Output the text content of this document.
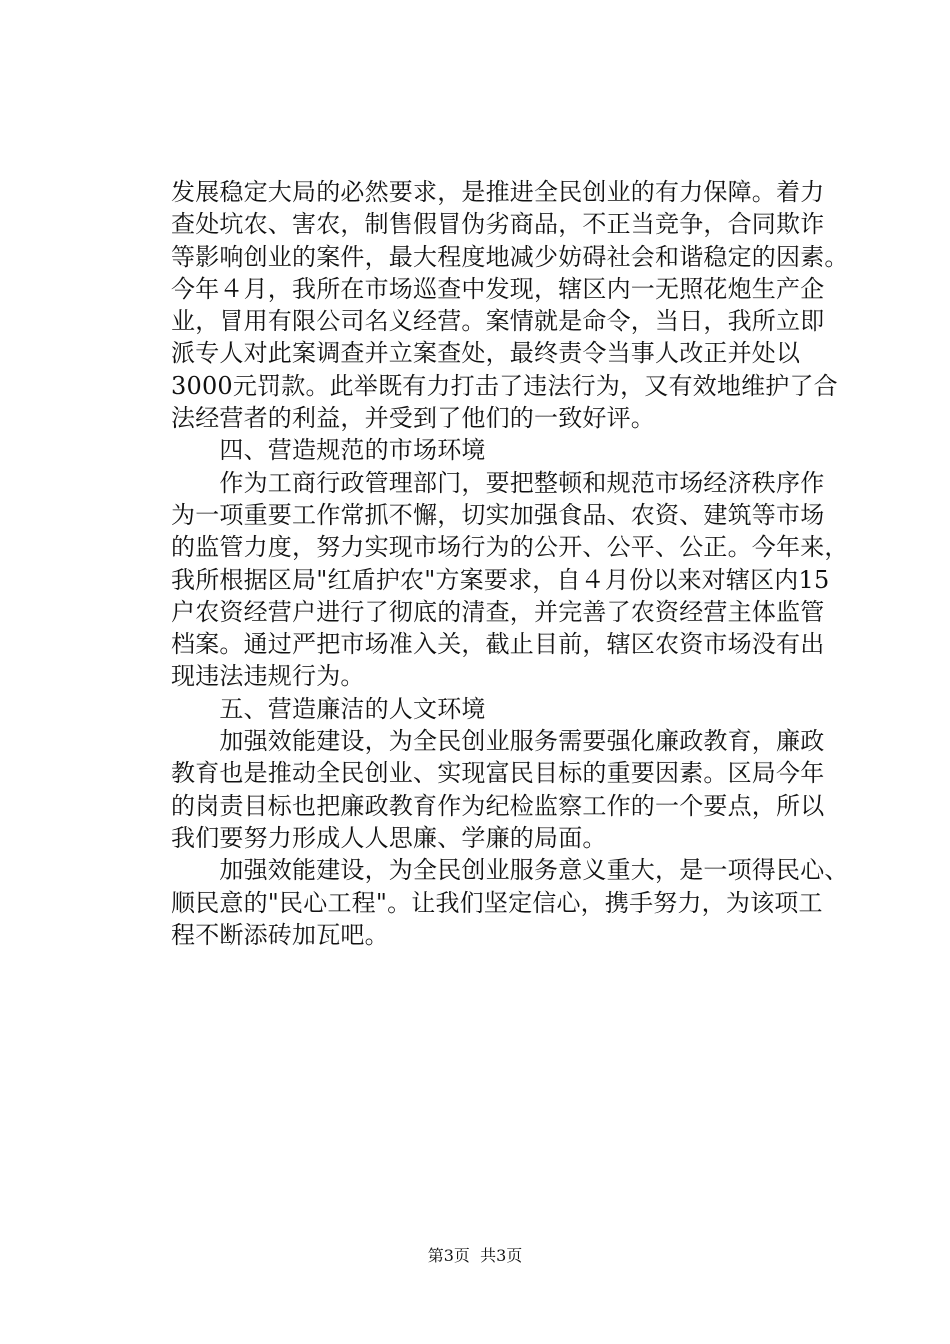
发展稳定大局的必然要求，是推进全民创业的有力保障。着力
查处坑农、害农，制售假冒伪劣商品，不正当竞争，合同欺诈
等影响创业的案件，最大程度地减少妨碍社会和谐稳定的因素。
今年４月，我所在市场巡查中发现，辖区内一无照花炮生产企
业，冒用有限公司名义经营。案情就是命令，当日，我所立即
派专人对此案调查并立案查处，最终责令当事人改正并处以
3000元罚款。此举既有力打击了违法行为，又有效地维护了合
法经营者的利益，并受到了他们的一致好评。
　　四、营造规范的市场环境
　　作为工商行政管理部门，要把整顿和规范市场经济秩序作
为一项重要工作常抓不懈，切实加强食品、农资、建筑等市场
的监管力度，努力实现市场行为的公开、公平、公正。今年来，
我所根据区局"红盾护农"方案要求，自４月份以来对辖区内15
户农资经营户进行了彻底的清查，并完善了农资经营主体监管
档案。通过严把市场准入关，截止目前，辖区农资市场没有出
现违法违规行为。
　　五、营造廉洁的人文环境
　　加强效能建设，为全民创业服务需要强化廉政教育，廉政
教育也是推动全民创业、实现富民目标的重要因素。区局今年
的岗责目标也把廉政教育作为纪检监察工作的一个要点，所以
我们要努力形成人人思廉、学廉的局面。
　　加强效能建设，为全民创业服务意义重大，是一项得民心、
顺民意的"民心工程"。让我们坚定信心，携手努力，为该项工
程不断添砖加瓦吧。
第3页  共3页
